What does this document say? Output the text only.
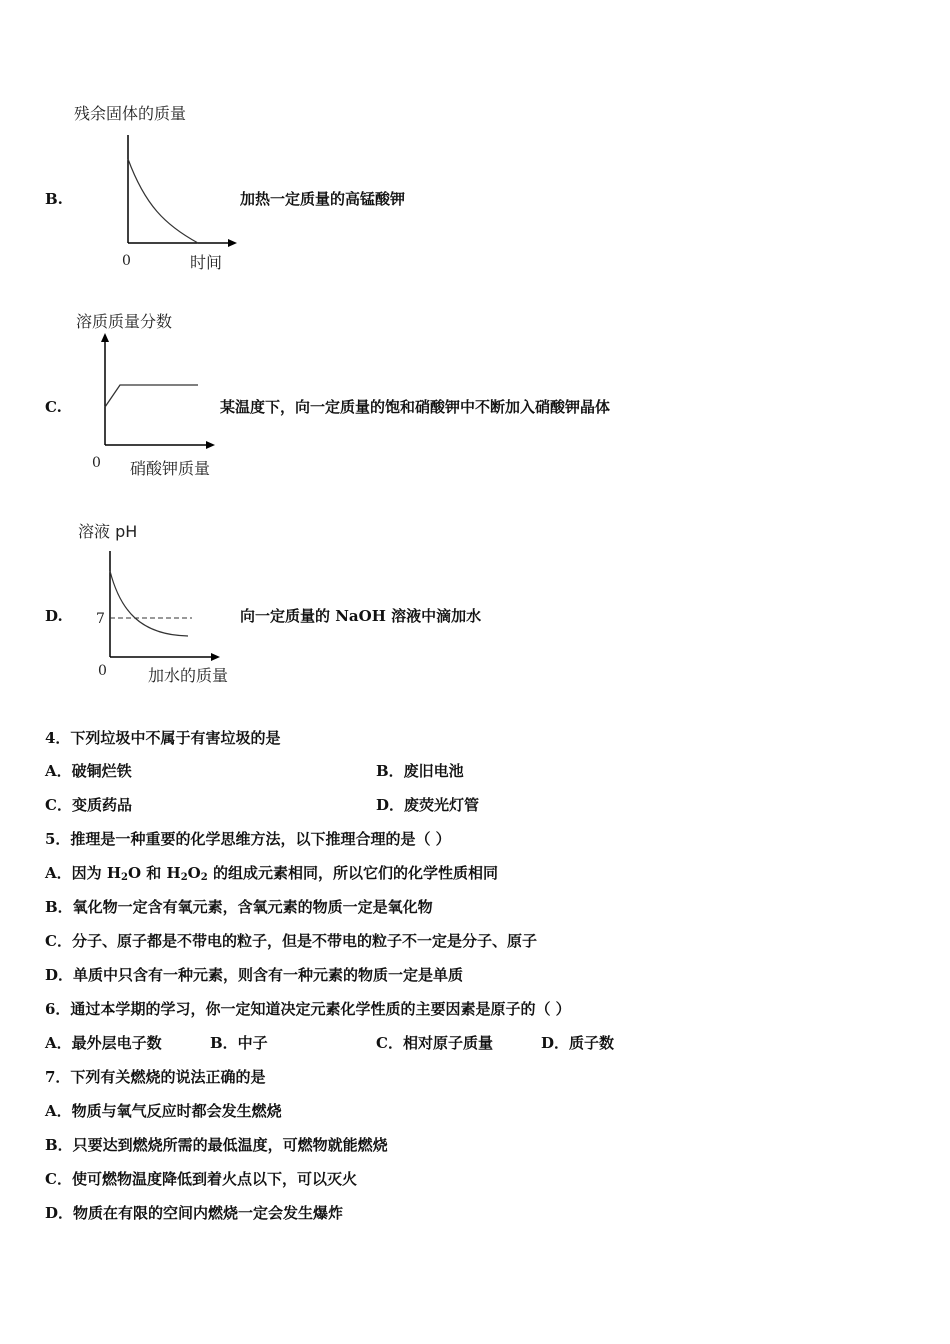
B.
残余固体的质量
0	时间
加热一定质量的高锰酸钾
C.
溶质质量分数
0 硝酸钾质量
某温度下，向一定质量的饱和硝酸钾中不断加入硝酸钾晶体
D.
溶液 pH
7
0	加水的质量
向一定质量的 NaOH 溶液中滴加水
4．下列垃圾中不属于有害垃圾的是
A．破铜烂铁	B．废旧电池
C．变质药品	D．废荧光灯管
5．推理是一种重要的化学思维方法，以下推理合理的是（ ）
A．因为 $H_2O$ 和 $H_2O_2$ 的组成元素相同，所以它们的化学性质相同
B．氧化物一定含有氧元素，含氧元素的物质一定是氧化物
C．分子、原子都是不带电的粒子，但是不带电的粒子不一定是分子、原子
D．单质中只含有一种元素，则含有一种元素的物质一定是单质
6．通过本学期的学习，你一定知道决定元素化学性质的主要因素是原子的（ ）
A．最外层电子数	B．中子	C．相对原子质量	D．质子数
7．下列有关燃烧的说法正确的是
A．物质与氧气反应时都会发生燃烧
B．只要达到燃烧所需的最低温度，可燃物就能燃烧
C．使可燃物温度降低到着火点以下，可以灭火
D．物质在有限的空间内燃烧一定会发生爆炸
